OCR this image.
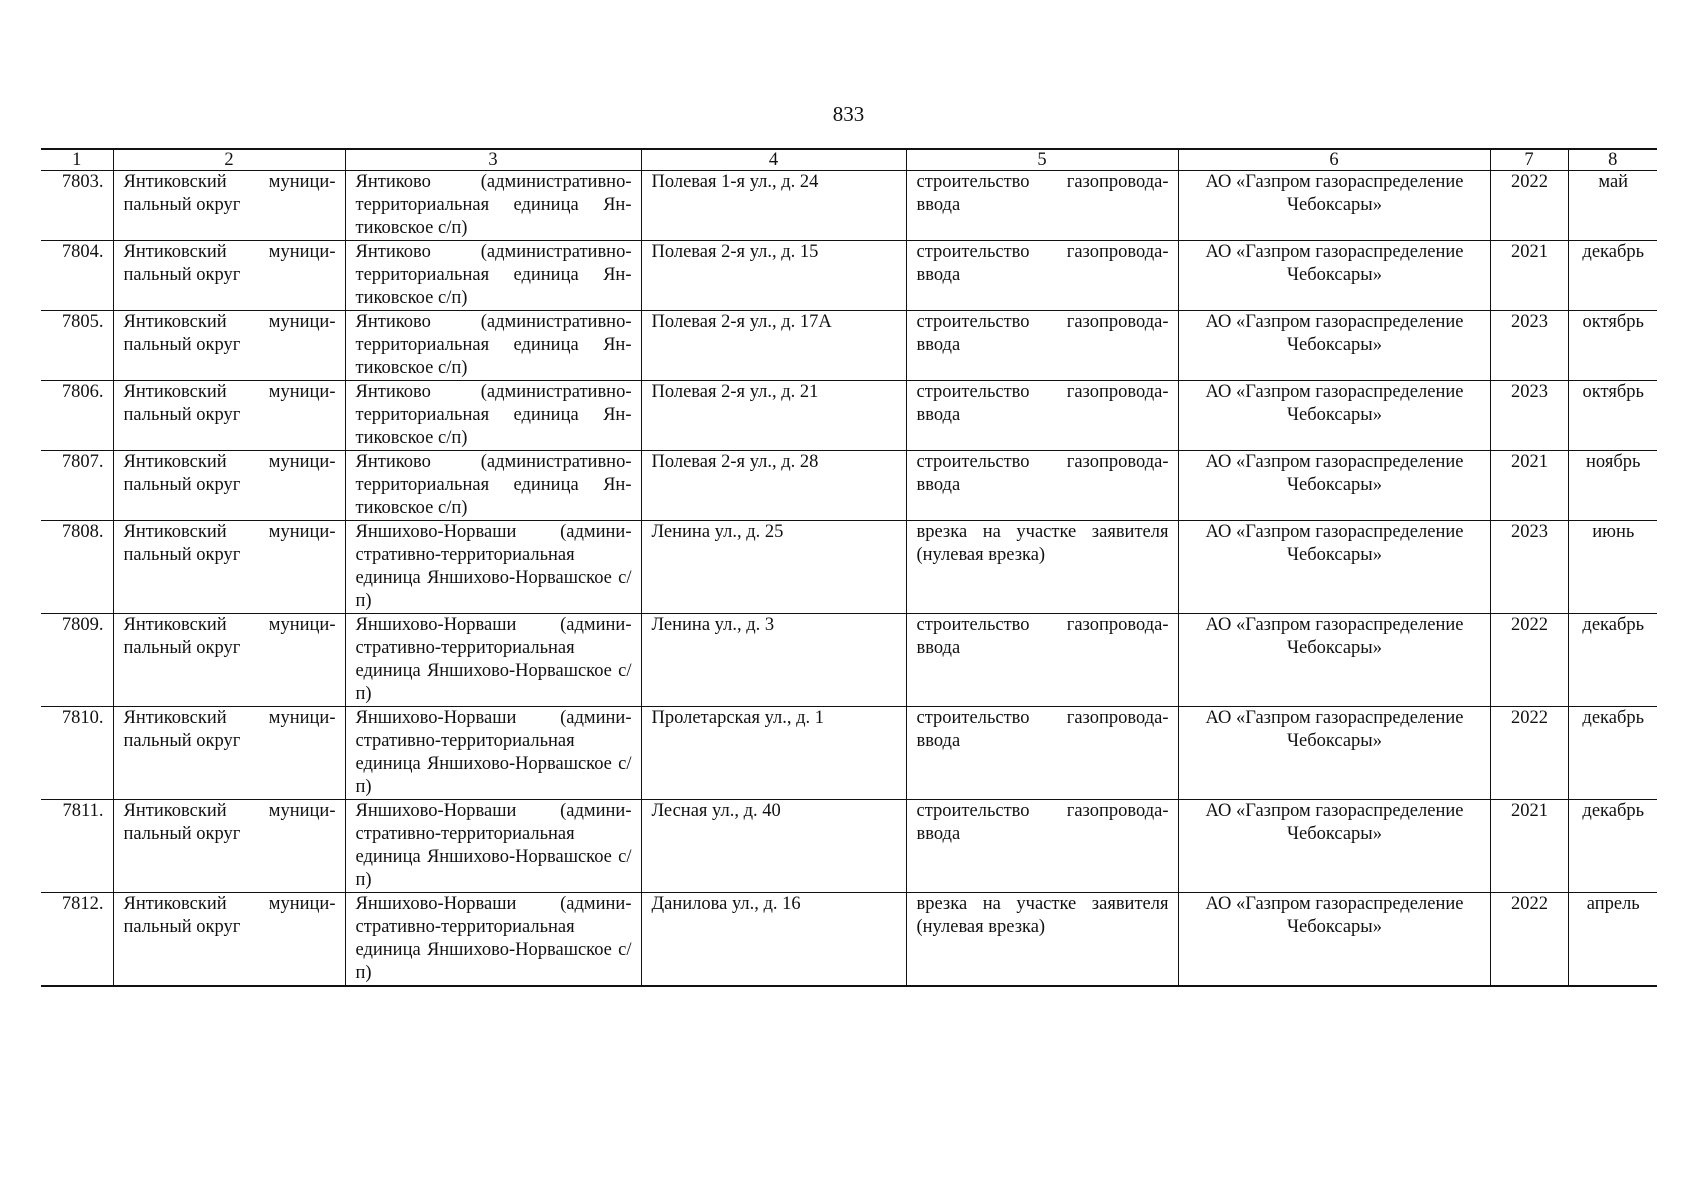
833
1	2	3	4	5	6	7	8
7803.	Янтиковский муници-пальный округ	Янтиково (административно-территориальная единица Ян-тиковское с/п)	Полевая 1-я ул., д. 24	строительство газопровода-ввода	АО «Газпром газораспределение Чебоксары»	2022	май
7804.	Янтиковский муници-пальный округ	Янтиково (административно-территориальная единица Ян-тиковское с/п)	Полевая 2-я ул., д. 15	строительство газопровода-ввода	АО «Газпром газораспределение Чебоксары»	2021	декабрь
7805.	Янтиковский муници-пальный округ	Янтиково (административно-территориальная единица Ян-тиковское с/п)	Полевая 2-я ул., д. 17А	строительство газопровода-ввода	АО «Газпром газораспределение Чебоксары»	2023	октябрь
7806.	Янтиковский муници-пальный округ	Янтиково (административно-территориальная единица Ян-тиковское с/п)	Полевая 2-я ул., д. 21	строительство газопровода-ввода	АО «Газпром газораспределение Чебоксары»	2023	октябрь
7807.	Янтиковский муници-пальный округ	Янтиково (административно-территориальная единица Ян-тиковское с/п)	Полевая 2-я ул., д. 28	строительство газопровода-ввода	АО «Газпром газораспределение Чебоксары»	2021	ноябрь
7808.	Янтиковский муници-пальный округ	Яншихово-Норваши (админи-стративно-территориальная единица Яншихово-Норвашское с/п)	Ленина ул., д. 25	врезка на участке заявителя (нулевая врезка)	АО «Газпром газораспределение Чебоксары»	2023	июнь
7809.	Янтиковский муници-пальный округ	Яншихово-Норваши (админи-стративно-территориальная единица Яншихово-Норвашское с/п)	Ленина ул., д. 3	строительство газопровода-ввода	АО «Газпром газораспределение Чебоксары»	2022	декабрь
7810.	Янтиковский муници-пальный округ	Яншихово-Норваши (админи-стративно-территориальная единица Яншихово-Норвашское с/п)	Пролетарская ул., д. 1	строительство газопровода-ввода	АО «Газпром газораспределение Чебоксары»	2022	декабрь
7811.	Янтиковский муници-пальный округ	Яншихово-Норваши (админи-стративно-территориальная единица Яншихово-Норвашское с/п)	Лесная ул., д. 40	строительство газопровода-ввода	АО «Газпром газораспределение Чебоксары»	2021	декабрь
7812.	Янтиковский муници-пальный округ	Яншихово-Норваши (админи-стративно-территориальная единица Яншихово-Норвашское с/п)	Данилова ул., д. 16	врезка на участке заявителя (нулевая врезка)	АО «Газпром газораспределение Чебоксары»	2022	апрель
